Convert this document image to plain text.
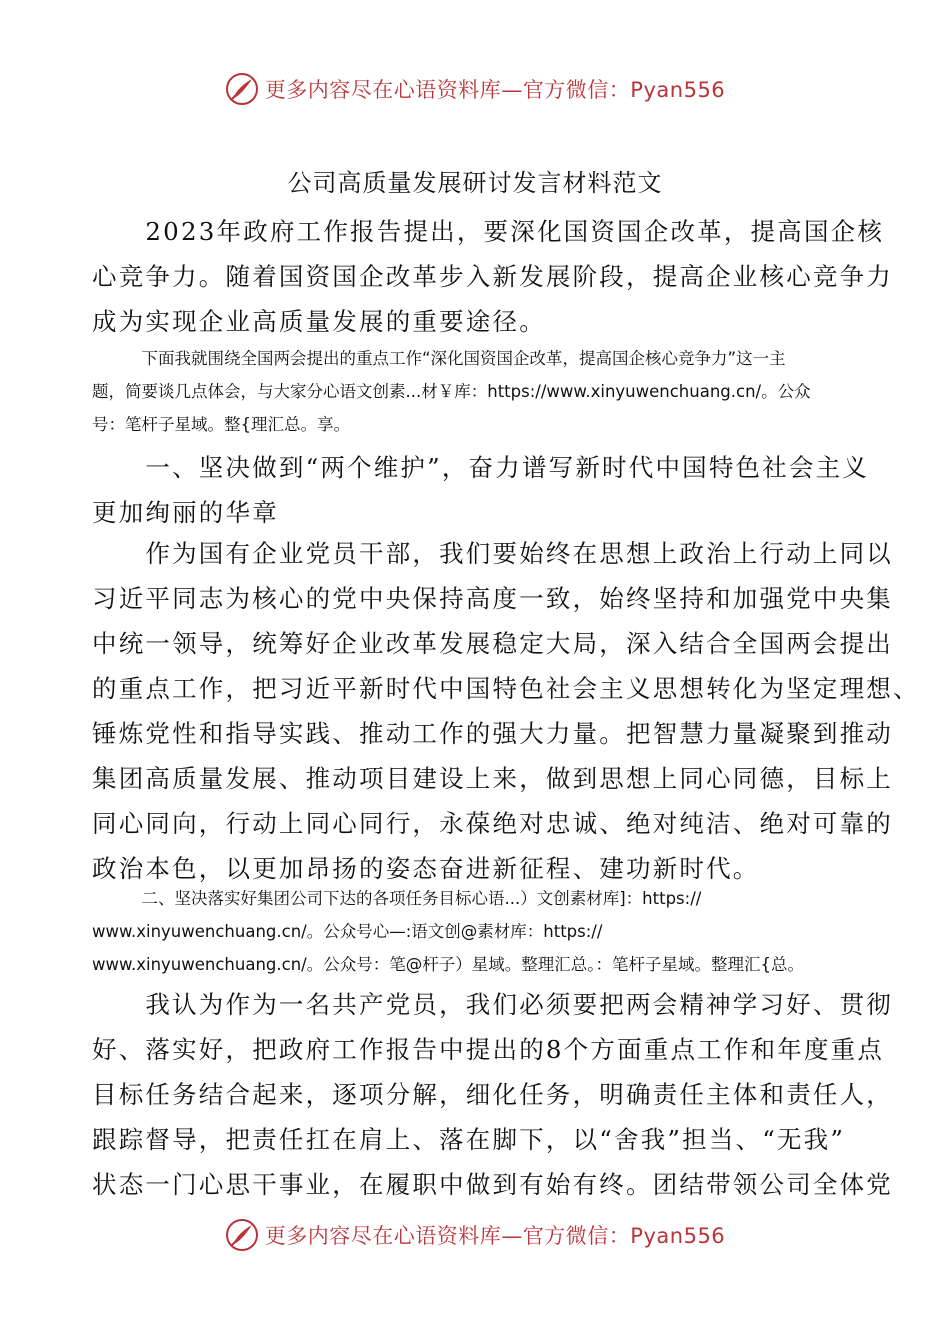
更多内容尽在心语资料库—官方微信：Pyan556
公司高质量发展研讨发言材料范文
　　2023年政府工作报告提出，要深化国资国企改革，提高国企核
心竞争力。随着国资国企改革步入新发展阶段，提高企业核心竞争力
成为实现企业高质量发展的重要途径。
　　　下面我就围绕全国两会提出的重点工作“深化国资国企改革，提高国企核心竞争力”这一主
题，简要谈几点体会，与大家分心语文创素...材￥库：https://www.xinyuwenchuang.cn/。公众
号：笔杆子星域。整{理汇总。享。
　　一、坚决做到“两个维护”，奋力谱写新时代中国特色社会主义
更加绚丽的华章
　　作为国有企业党员干部，我们要始终在思想上政治上行动上同以
习近平同志为核心的党中央保持高度一致，始终坚持和加强党中央集
中统一领导，统筹好企业改革发展稳定大局，深入结合全国两会提出
的重点工作，把习近平新时代中国特色社会主义思想转化为坚定理想、
锤炼党性和指导实践、推动工作的强大力量。把智慧力量凝聚到推动
集团高质量发展、推动项目建设上来，做到思想上同心同德，目标上
同心同向，行动上同心同行，永葆绝对忠诚、绝对纯洁、绝对可靠的
政治本色，以更加昂扬的姿态奋进新征程、建功新时代。
　　　二、坚决落实好集团公司下达的各项任务目标心语...）文创素材库]：https://
www.xinyuwenchuang.cn/。公众号心—:语文创@素材库：https://
www.xinyuwenchuang.cn/。公众号：笔@杆子）星域。整理汇总。：笔杆子星域。整理汇{总。
　　我认为作为一名共产党员，我们必须要把两会精神学习好、贯彻
好、落实好，把政府工作报告中提出的8个方面重点工作和年度重点
目标任务结合起来，逐项分解，细化任务，明确责任主体和责任人，
跟踪督导，把责任扛在肩上、落在脚下，以“舍我”担当、“无我”
状态一门心思干事业，在履职中做到有始有终。团结带领公司全体党
更多内容尽在心语资料库—官方微信：Pyan556
